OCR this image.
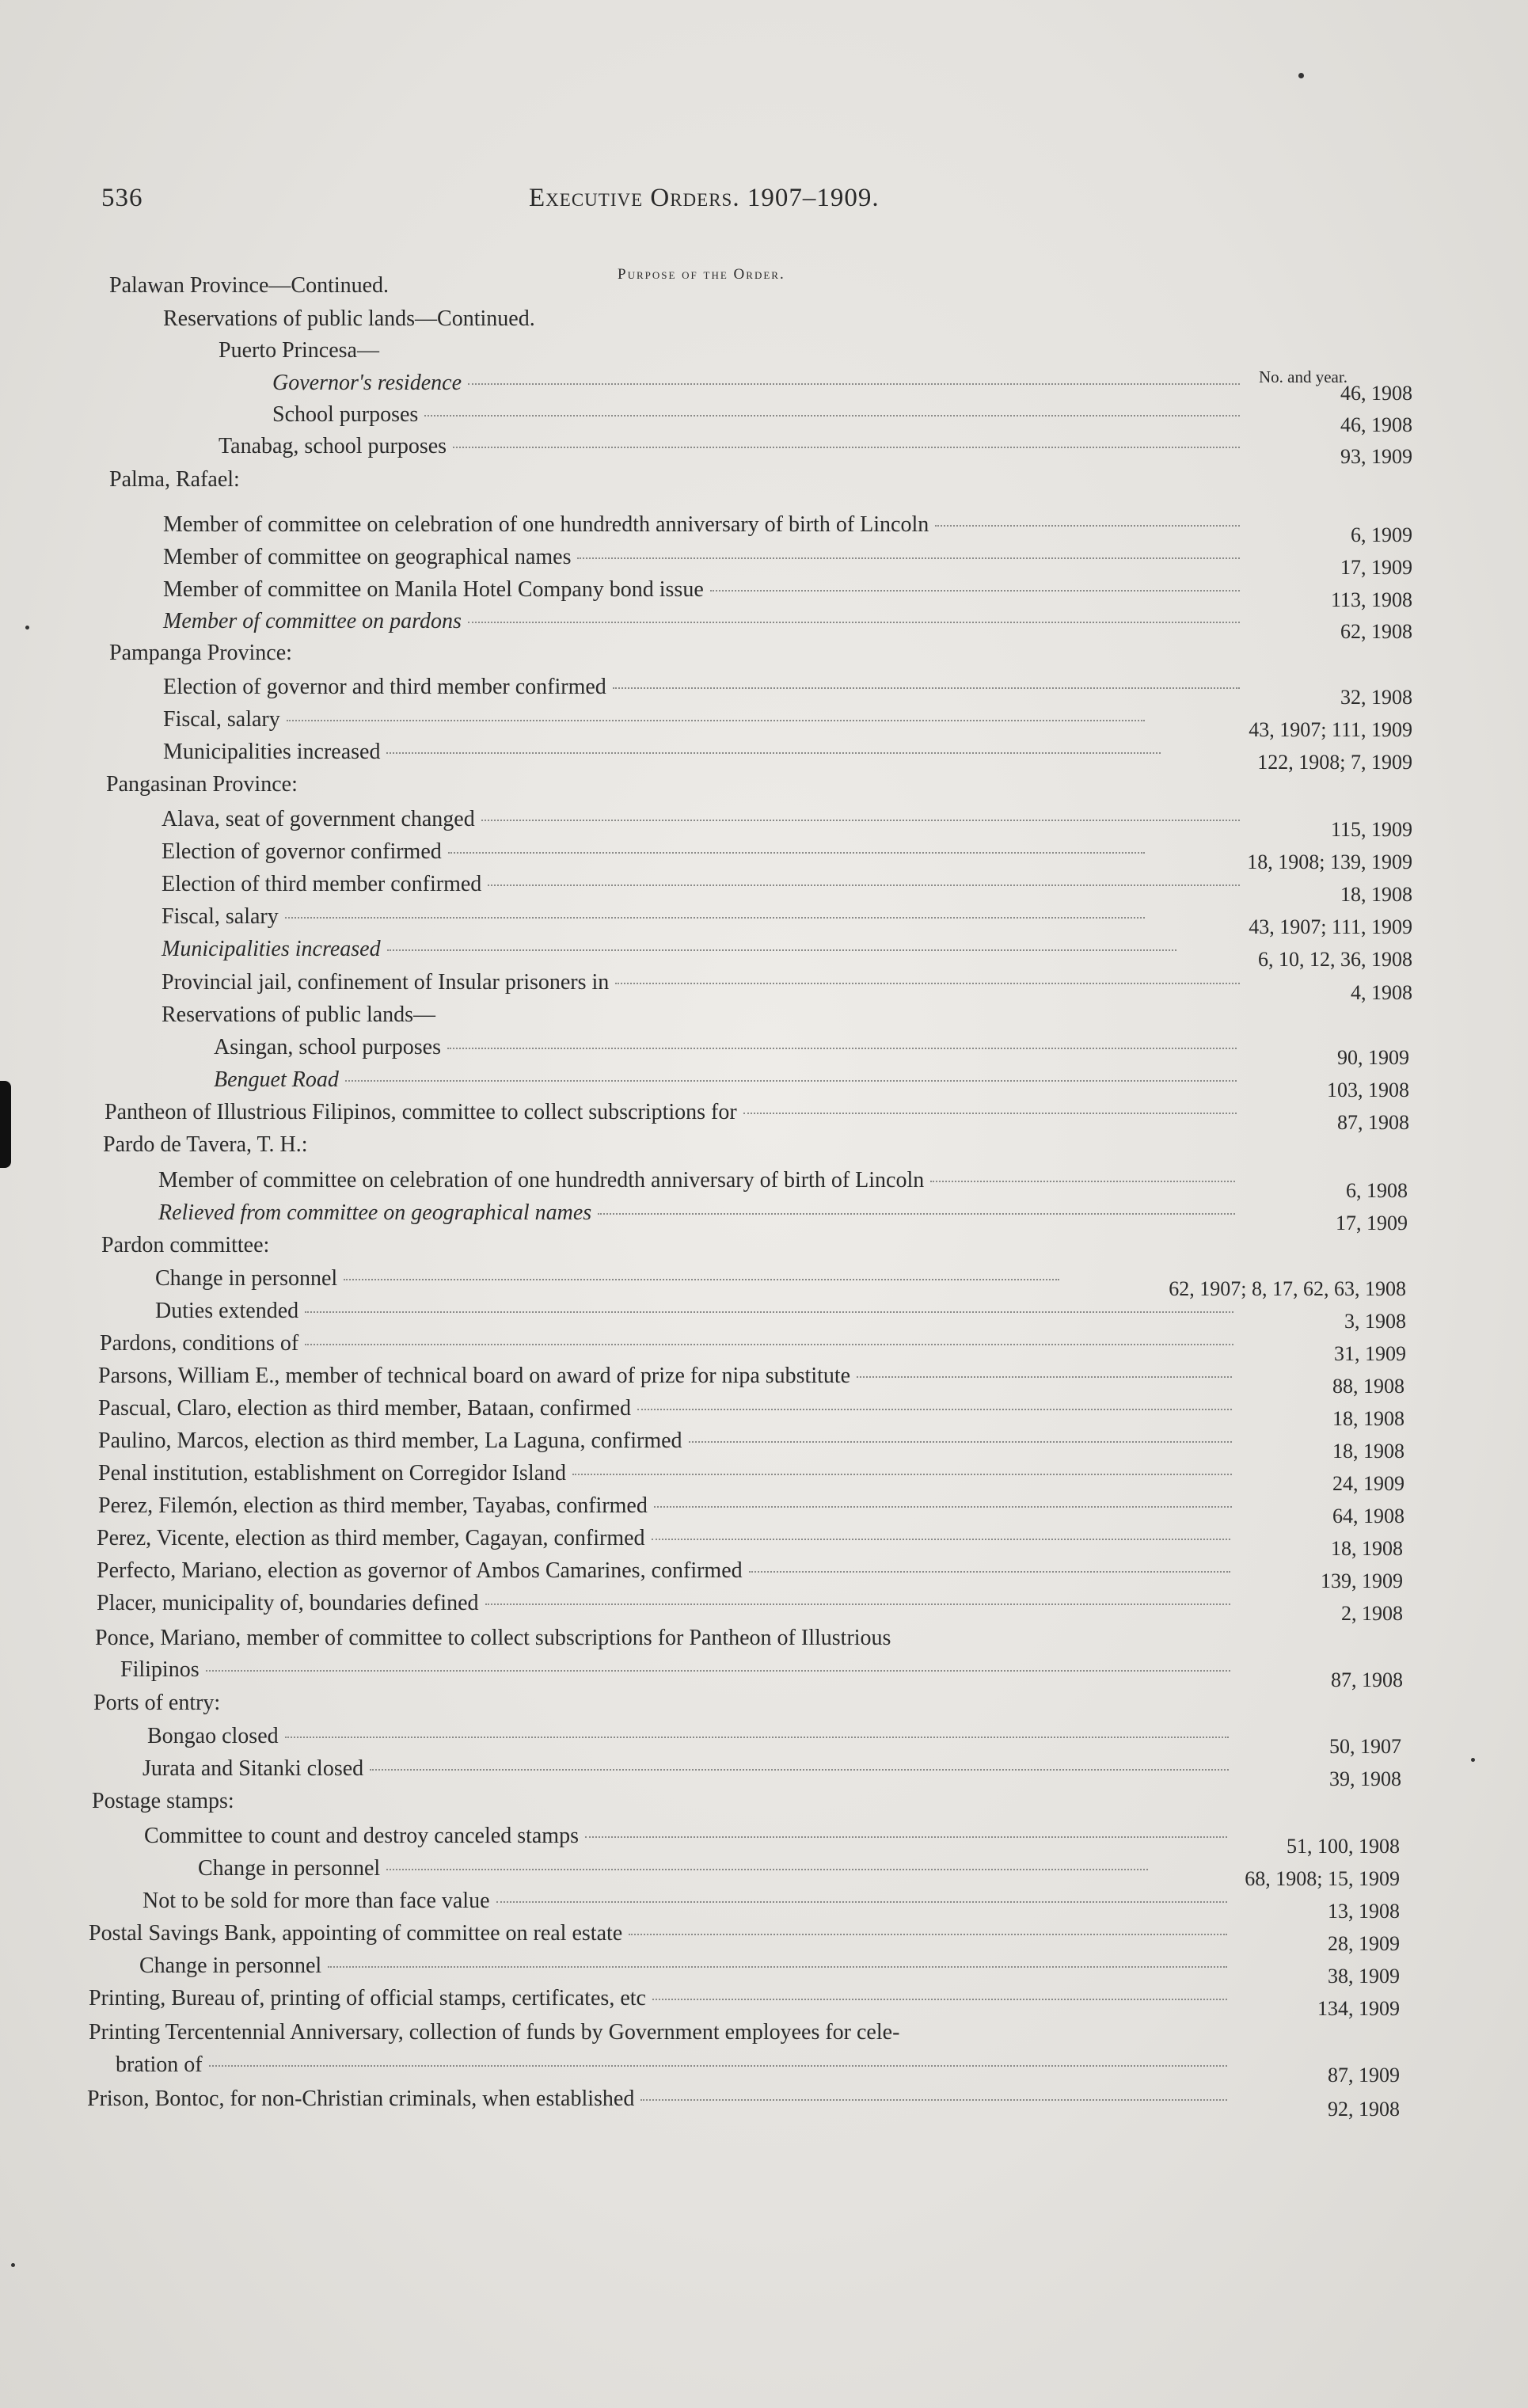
536	Executive Orders. 1907–1909.
Purpose of the Order.
No. and year.
Palawan Province—Continued.
Reservations of public lands—Continued.
Puerto Princesa—
Governor's residence	46, 1908
School purposes	46, 1908
Tanabag, school purposes	93, 1909
Palma, Rafael:
Member of committee on celebration of one hundredth anniversary of birth of Lincoln	6, 1909
Member of committee on geographical names	17, 1909
Member of committee on Manila Hotel Company bond issue	113, 1908
Member of committee on pardons	62, 1908
Pampanga Province:
Election of governor and third member confirmed	32, 1908
Fiscal, salary	43, 1907; 111, 1909
Municipalities increased	122, 1908; 7, 1909
Pangasinan Province:
Alava, seat of government changed	115, 1909
Election of governor confirmed	18, 1908; 139, 1909
Election of third member confirmed	18, 1908
Fiscal, salary	43, 1907; 111, 1909
Municipalities increased	6, 10, 12, 36, 1908
Provincial jail, confinement of Insular prisoners in	4, 1908
Reservations of public lands—
Asingan, school purposes	90, 1909
Benguet Road	103, 1908
Pantheon of Illustrious Filipinos, committee to collect subscriptions for	87, 1908
Pardo de Tavera, T. H.:
Member of committee on celebration of one hundredth anniversary of birth of Lincoln	6, 1908
Relieved from committee on geographical names	17, 1909
Pardon committee:
Change in personnel	62, 1907; 8, 17, 62, 63, 1908
Duties extended	3, 1908
Pardons, conditions of	31, 1909
Parsons, William E., member of technical board on award of prize for nipa substitute	88, 1908
Pascual, Claro, election as third member, Bataan, confirmed	18, 1908
Paulino, Marcos, election as third member, La Laguna, confirmed	18, 1908
Penal institution, establishment on Corregidor Island	24, 1909
Perez, Filemón, election as third member, Tayabas, confirmed	64, 1908
Perez, Vicente, election as third member, Cagayan, confirmed	18, 1908
Perfecto, Mariano, election as governor of Ambos Camarines, confirmed	139, 1909
Placer, municipality of, boundaries defined	2, 1908
Ponce, Mariano, member of committee to collect subscriptions for Pantheon of Illustrious
Filipinos	87, 1908
Ports of entry:
Bongao closed	50, 1907
Jurata and Sitanki closed	39, 1908
Postage stamps:
Committee to count and destroy canceled stamps	51, 100, 1908
Change in personnel	68, 1908; 15, 1909
Not to be sold for more than face value	13, 1908
Postal Savings Bank, appointing of committee on real estate	28, 1909
Change in personnel	38, 1909
Printing, Bureau of, printing of official stamps, certificates, etc	134, 1909
Printing Tercentennial Anniversary, collection of funds by Government employees for cele-
bration of	87, 1909
Prison, Bontoc, for non-Christian criminals, when established	92, 1908
